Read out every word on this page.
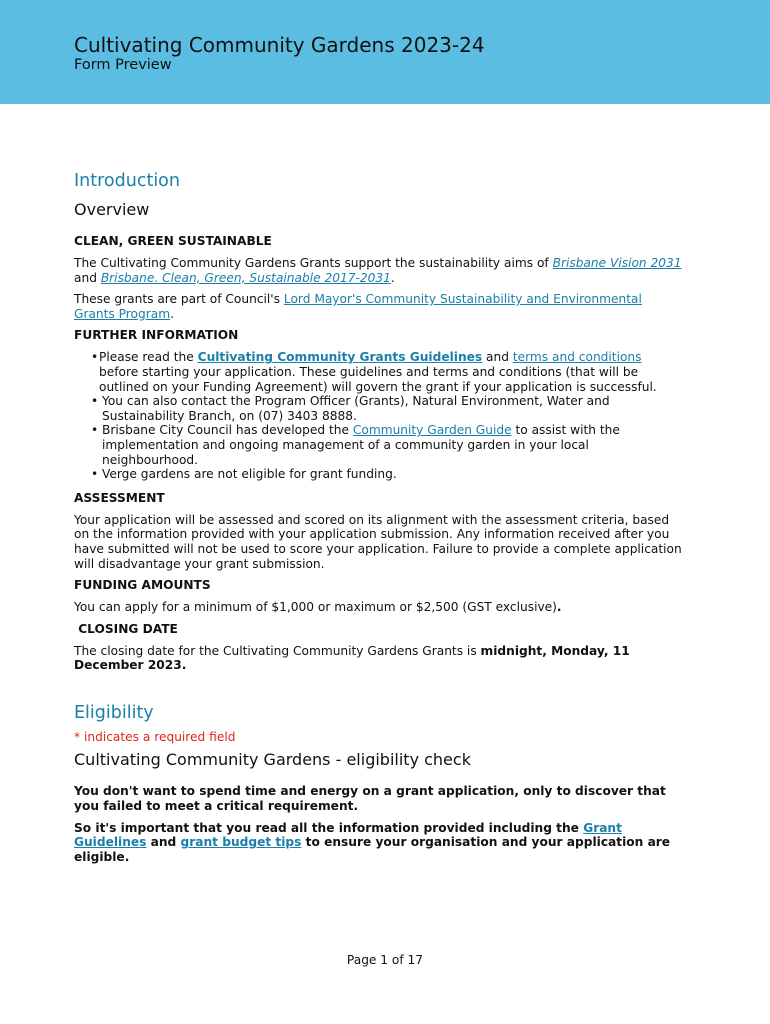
Cultivating Community Gardens 2023-24
Form Preview
Introduction
Overview
CLEAN, GREEN SUSTAINABLE

The Cultivating Community Gardens Grants support the sustainability aims of Brisbane Vision 2031 and Brisbane. Clean, Green, Sustainable 2017-2031.

These grants are part of Council's Lord Mayor's Community Sustainability and Environmental Grants Program.

FURTHER INFORMATION
• Please read the Cultivating Community Grants Guidelines and terms and conditions before starting your application. These guidelines and terms and conditions (that will be outlined on your Funding Agreement) will govern the grant if your application is successful.
• You can also contact the Program Officer (Grants), Natural Environment, Water and Sustainability Branch, on (07) 3403 8888.
• Brisbane City Council has developed the Community Garden Guide to assist with the implementation and ongoing management of a community garden in your local neighbourhood.
• Verge gardens are not eligible for grant funding.
ASSESSMENT

Your application will be assessed and scored on its alignment with the assessment criteria, based on the information provided with your application submission. Any information received after you have submitted will not be used to score your application. Failure to provide a complete application will disadvantage your grant submission.

FUNDING AMOUNTS

You can apply for a minimum of $1,000 or maximum or $2,500 (GST exclusive).

CLOSING DATE

The closing date for the Cultivating Community Gardens Grants is midnight, Monday, 11 December 2023.

Eligibility
* indicates a required field
Cultivating Community Gardens - eligibility check

You don't want to spend time and energy on a grant application, only to discover that you failed to meet a critical requirement.

So it's important that you read all the information provided including the Grant Guidelines and grant budget tips to ensure your organisation and your application are eligible.

Page 1 of 17
